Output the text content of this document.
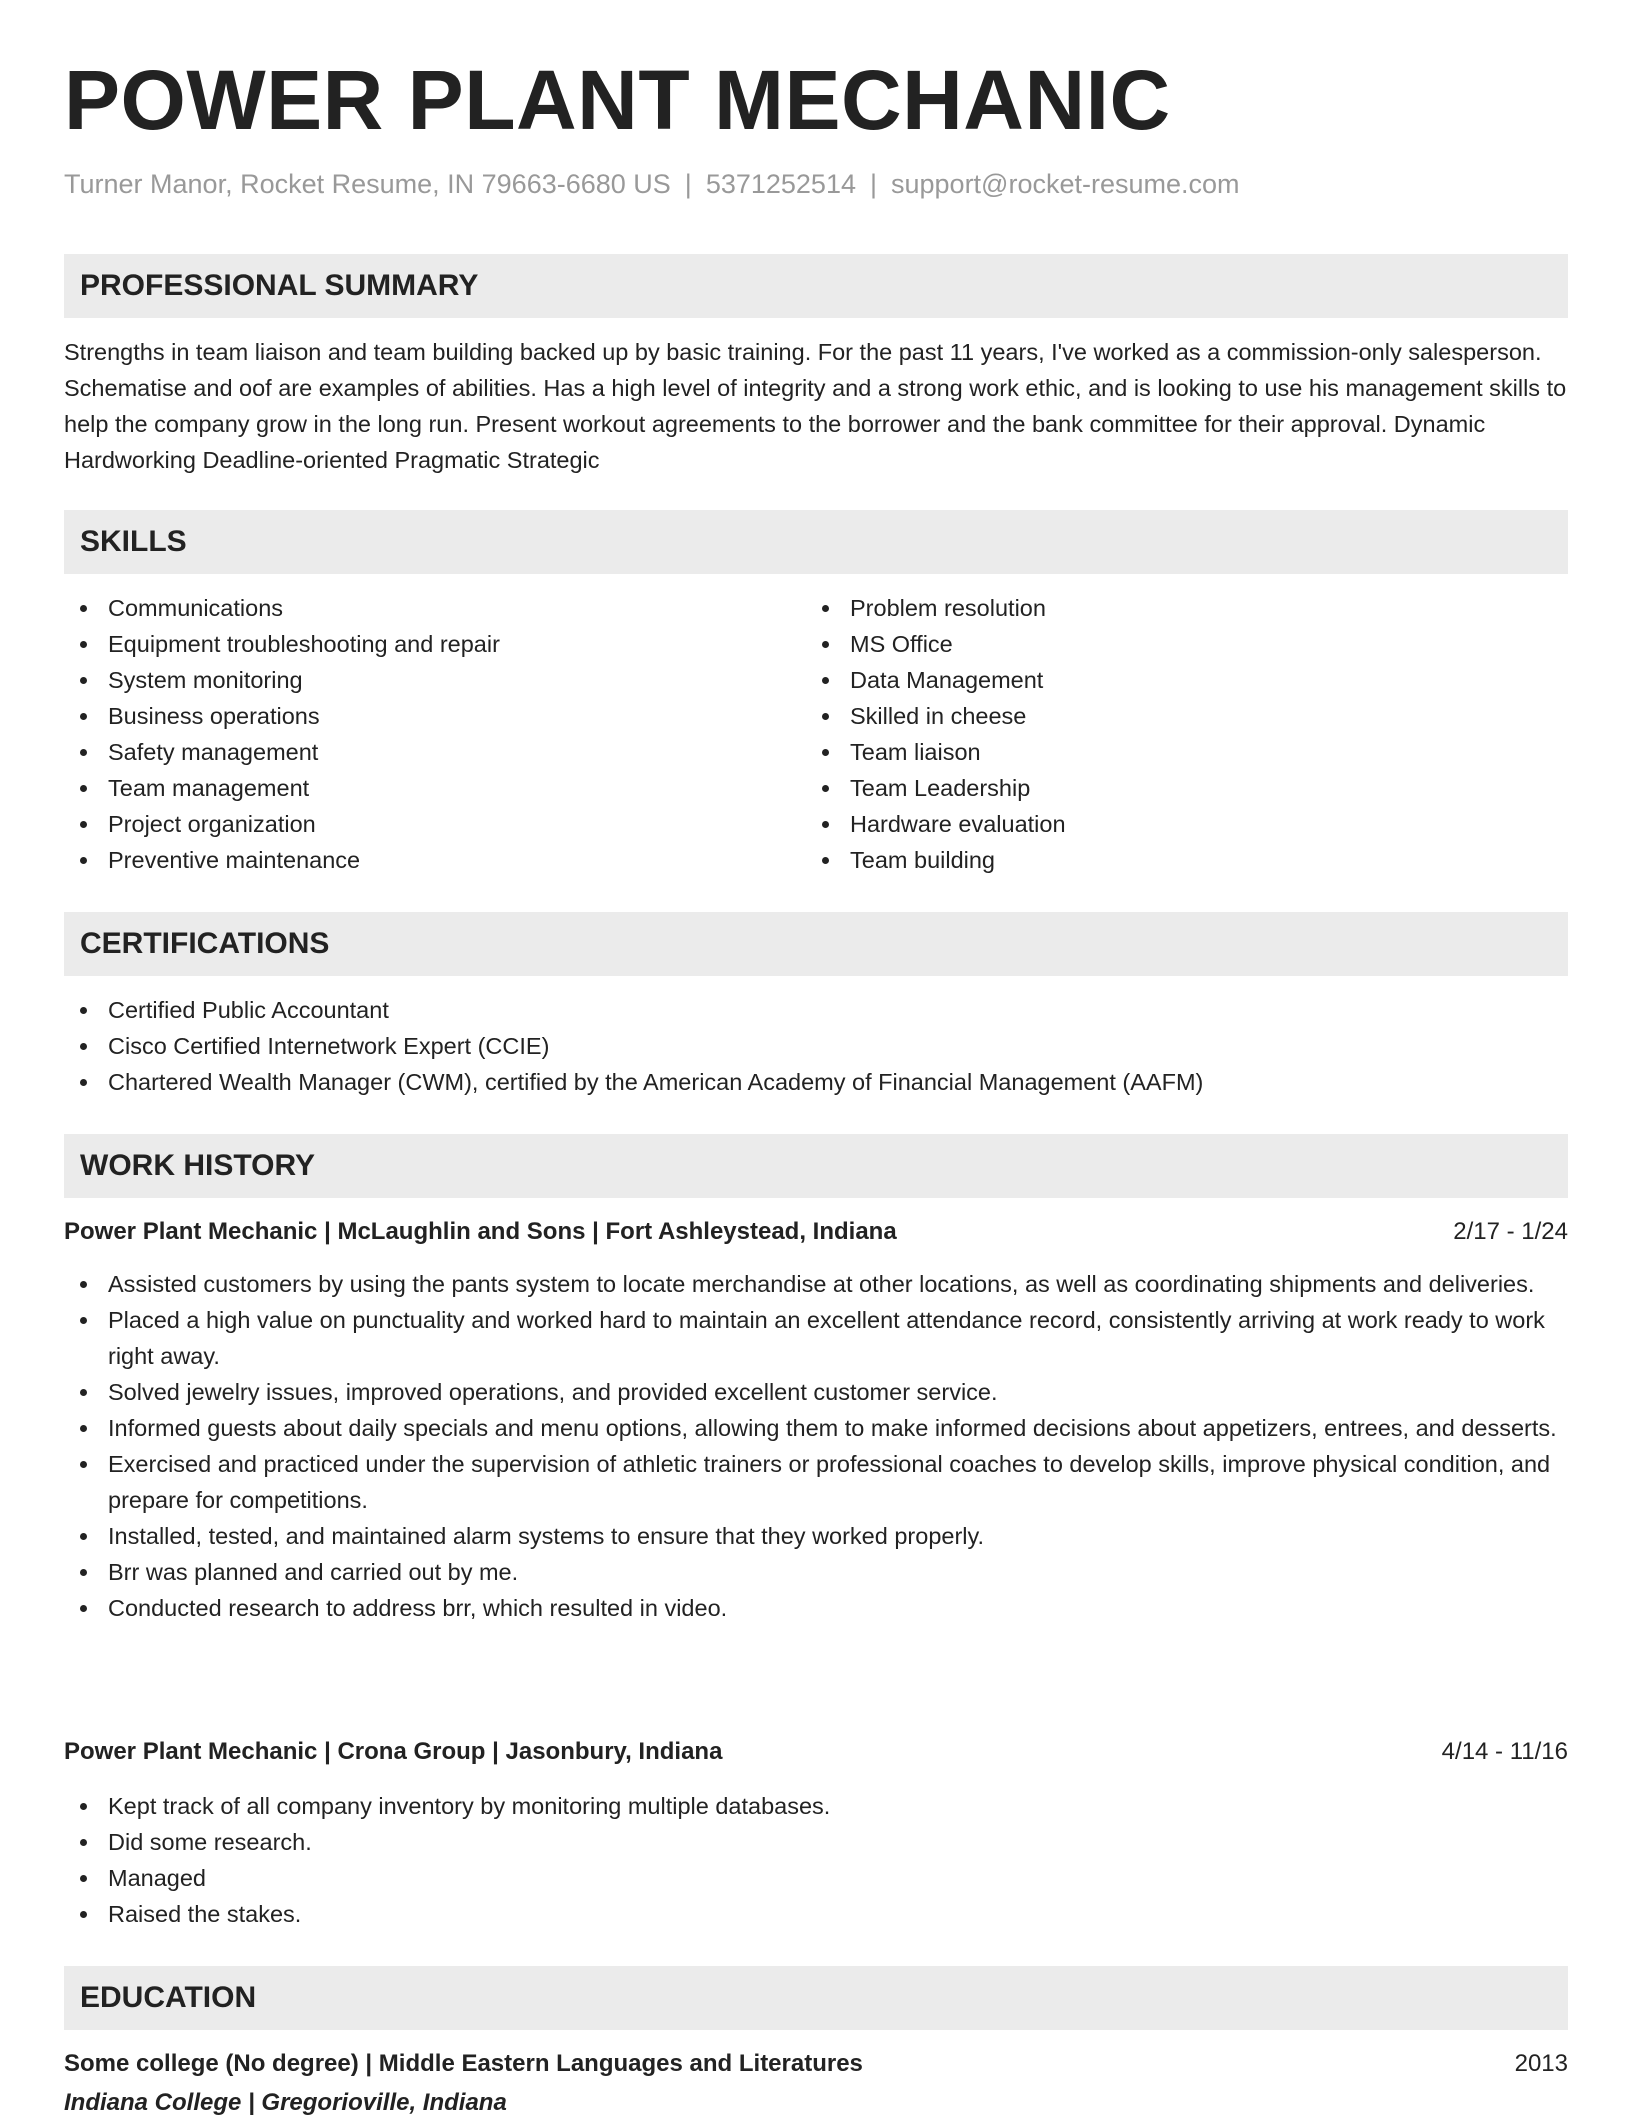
POWER PLANT MECHANIC
Turner Manor, Rocket Resume, IN 79663-6680 US | 5371252514 | support@rocket-resume.com
PROFESSIONAL SUMMARY

Strengths in team liaison and team building backed up by basic training. For the past 11 years, I've worked as a commission-only salesperson. Schematise and oof are examples of abilities. Has a high level of integrity and a strong work ethic, and is looking to use his management skills to help the company grow in the long run. Present workout agreements to the borrower and the bank committee for their approval. Dynamic Hardworking Deadline-oriented Pragmatic Strategic

SKILLS
Communications
Equipment troubleshooting and repair
System monitoring
Business operations
Safety management
Team management
Project organization
Preventive maintenance
Problem resolution
MS Office
Data Management
Skilled in cheese
Team liaison
Team Leadership
Hardware evaluation
Team building
CERTIFICATIONS
Certified Public Accountant
Cisco Certified Internetwork Expert (CCIE)
Chartered Wealth Manager (CWM), certified by the American Academy of Financial Management (AAFM)
WORK HISTORY
Power Plant Mechanic | McLaughlin and Sons | Fort Ashleystead, Indiana	2/17 - 1/24
Assisted customers by using the pants system to locate merchandise at other locations, as well as coordinating shipments and deliveries.
Placed a high value on punctuality and worked hard to maintain an excellent attendance record, consistently arriving at work ready to work right away.
Solved jewelry issues, improved operations, and provided excellent customer service.
Informed guests about daily specials and menu options, allowing them to make informed decisions about appetizers, entrees, and desserts.
Exercised and practiced under the supervision of athletic trainers or professional coaches to develop skills, improve physical condition, and prepare for competitions.
Installed, tested, and maintained alarm systems to ensure that they worked properly.
Brr was planned and carried out by me.
Conducted research to address brr, which resulted in video.
Power Plant Mechanic | Crona Group | Jasonbury, Indiana	4/14 - 11/16
Kept track of all company inventory by monitoring multiple databases.
Did some research.
Managed
Raised the stakes.
EDUCATION
Some college (No degree) | Middle Eastern Languages and Literatures	2013
Indiana College | Gregorioville, Indiana
